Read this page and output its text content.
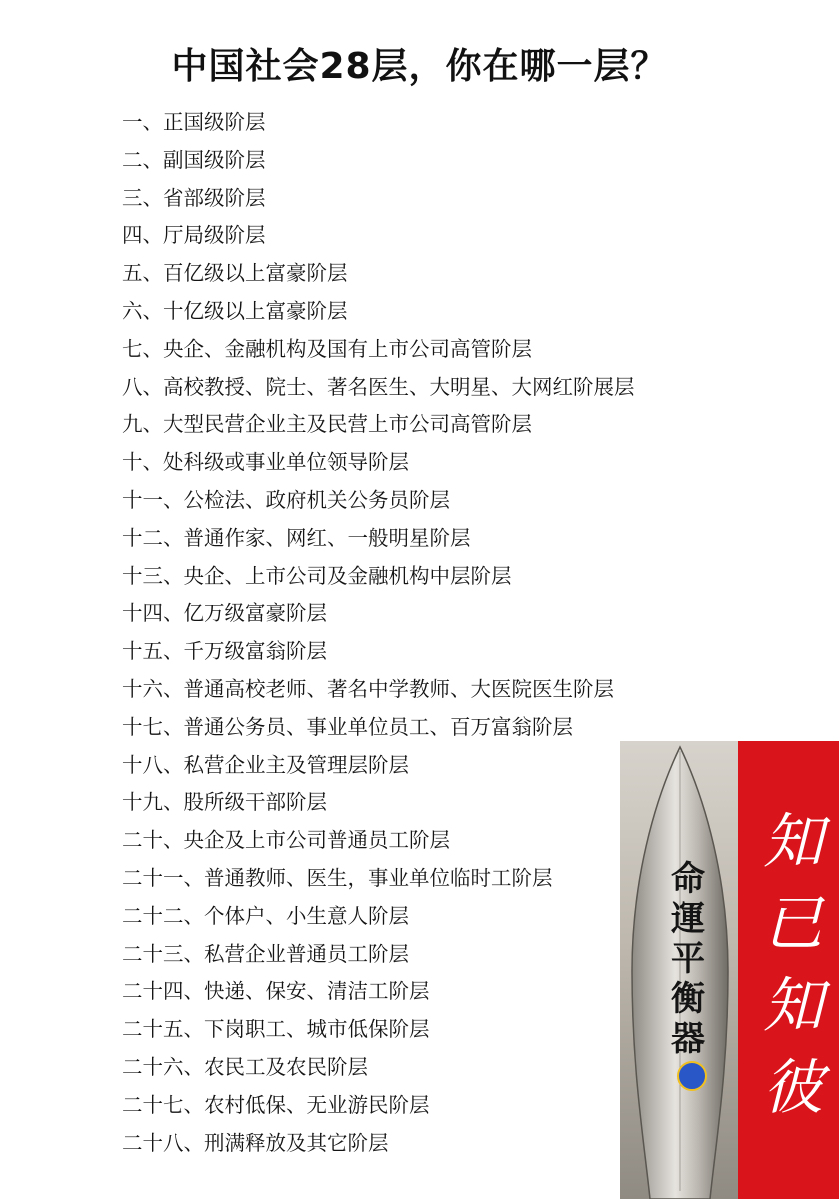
中国社会28层，你在哪一层？
一、正国级阶层
二、副国级阶层
三、省部级阶层
四、厅局级阶层
五、百亿级以上富豪阶层
六、十亿级以上富豪阶层
七、央企、金融机构及国有上市公司高管阶层
八、高校教授、院士、著名医生、大明星、大网红阶展层
九、大型民营企业主及民营上市公司高管阶层
十、处科级或事业单位领导阶层
十一、公检法、政府机关公务员阶层
十二、普通作家、网红、一般明星阶层
十三、央企、上市公司及金融机构中层阶层
十四、亿万级富豪阶层
十五、千万级富翁阶层
十六、普通高校老师、著名中学教师、大医院医生阶层
十七、普通公务员、事业单位员工、百万富翁阶层
十八、私营企业主及管理层阶层
十九、股所级干部阶层
二十、央企及上市公司普通员工阶层
二十一、普通教师、医生，事业单位临时工阶层
二十二、个体户、小生意人阶层
二十三、私营企业普通员工阶层
二十四、快递、保安、清洁工阶层
二十五、下岗职工、城市低保阶层
二十六、农民工及农民阶层
二十七、农村低保、无业游民阶层
二十八、刑满释放及其它阶层
命
運
平
衡
器
知
已
知
彼
